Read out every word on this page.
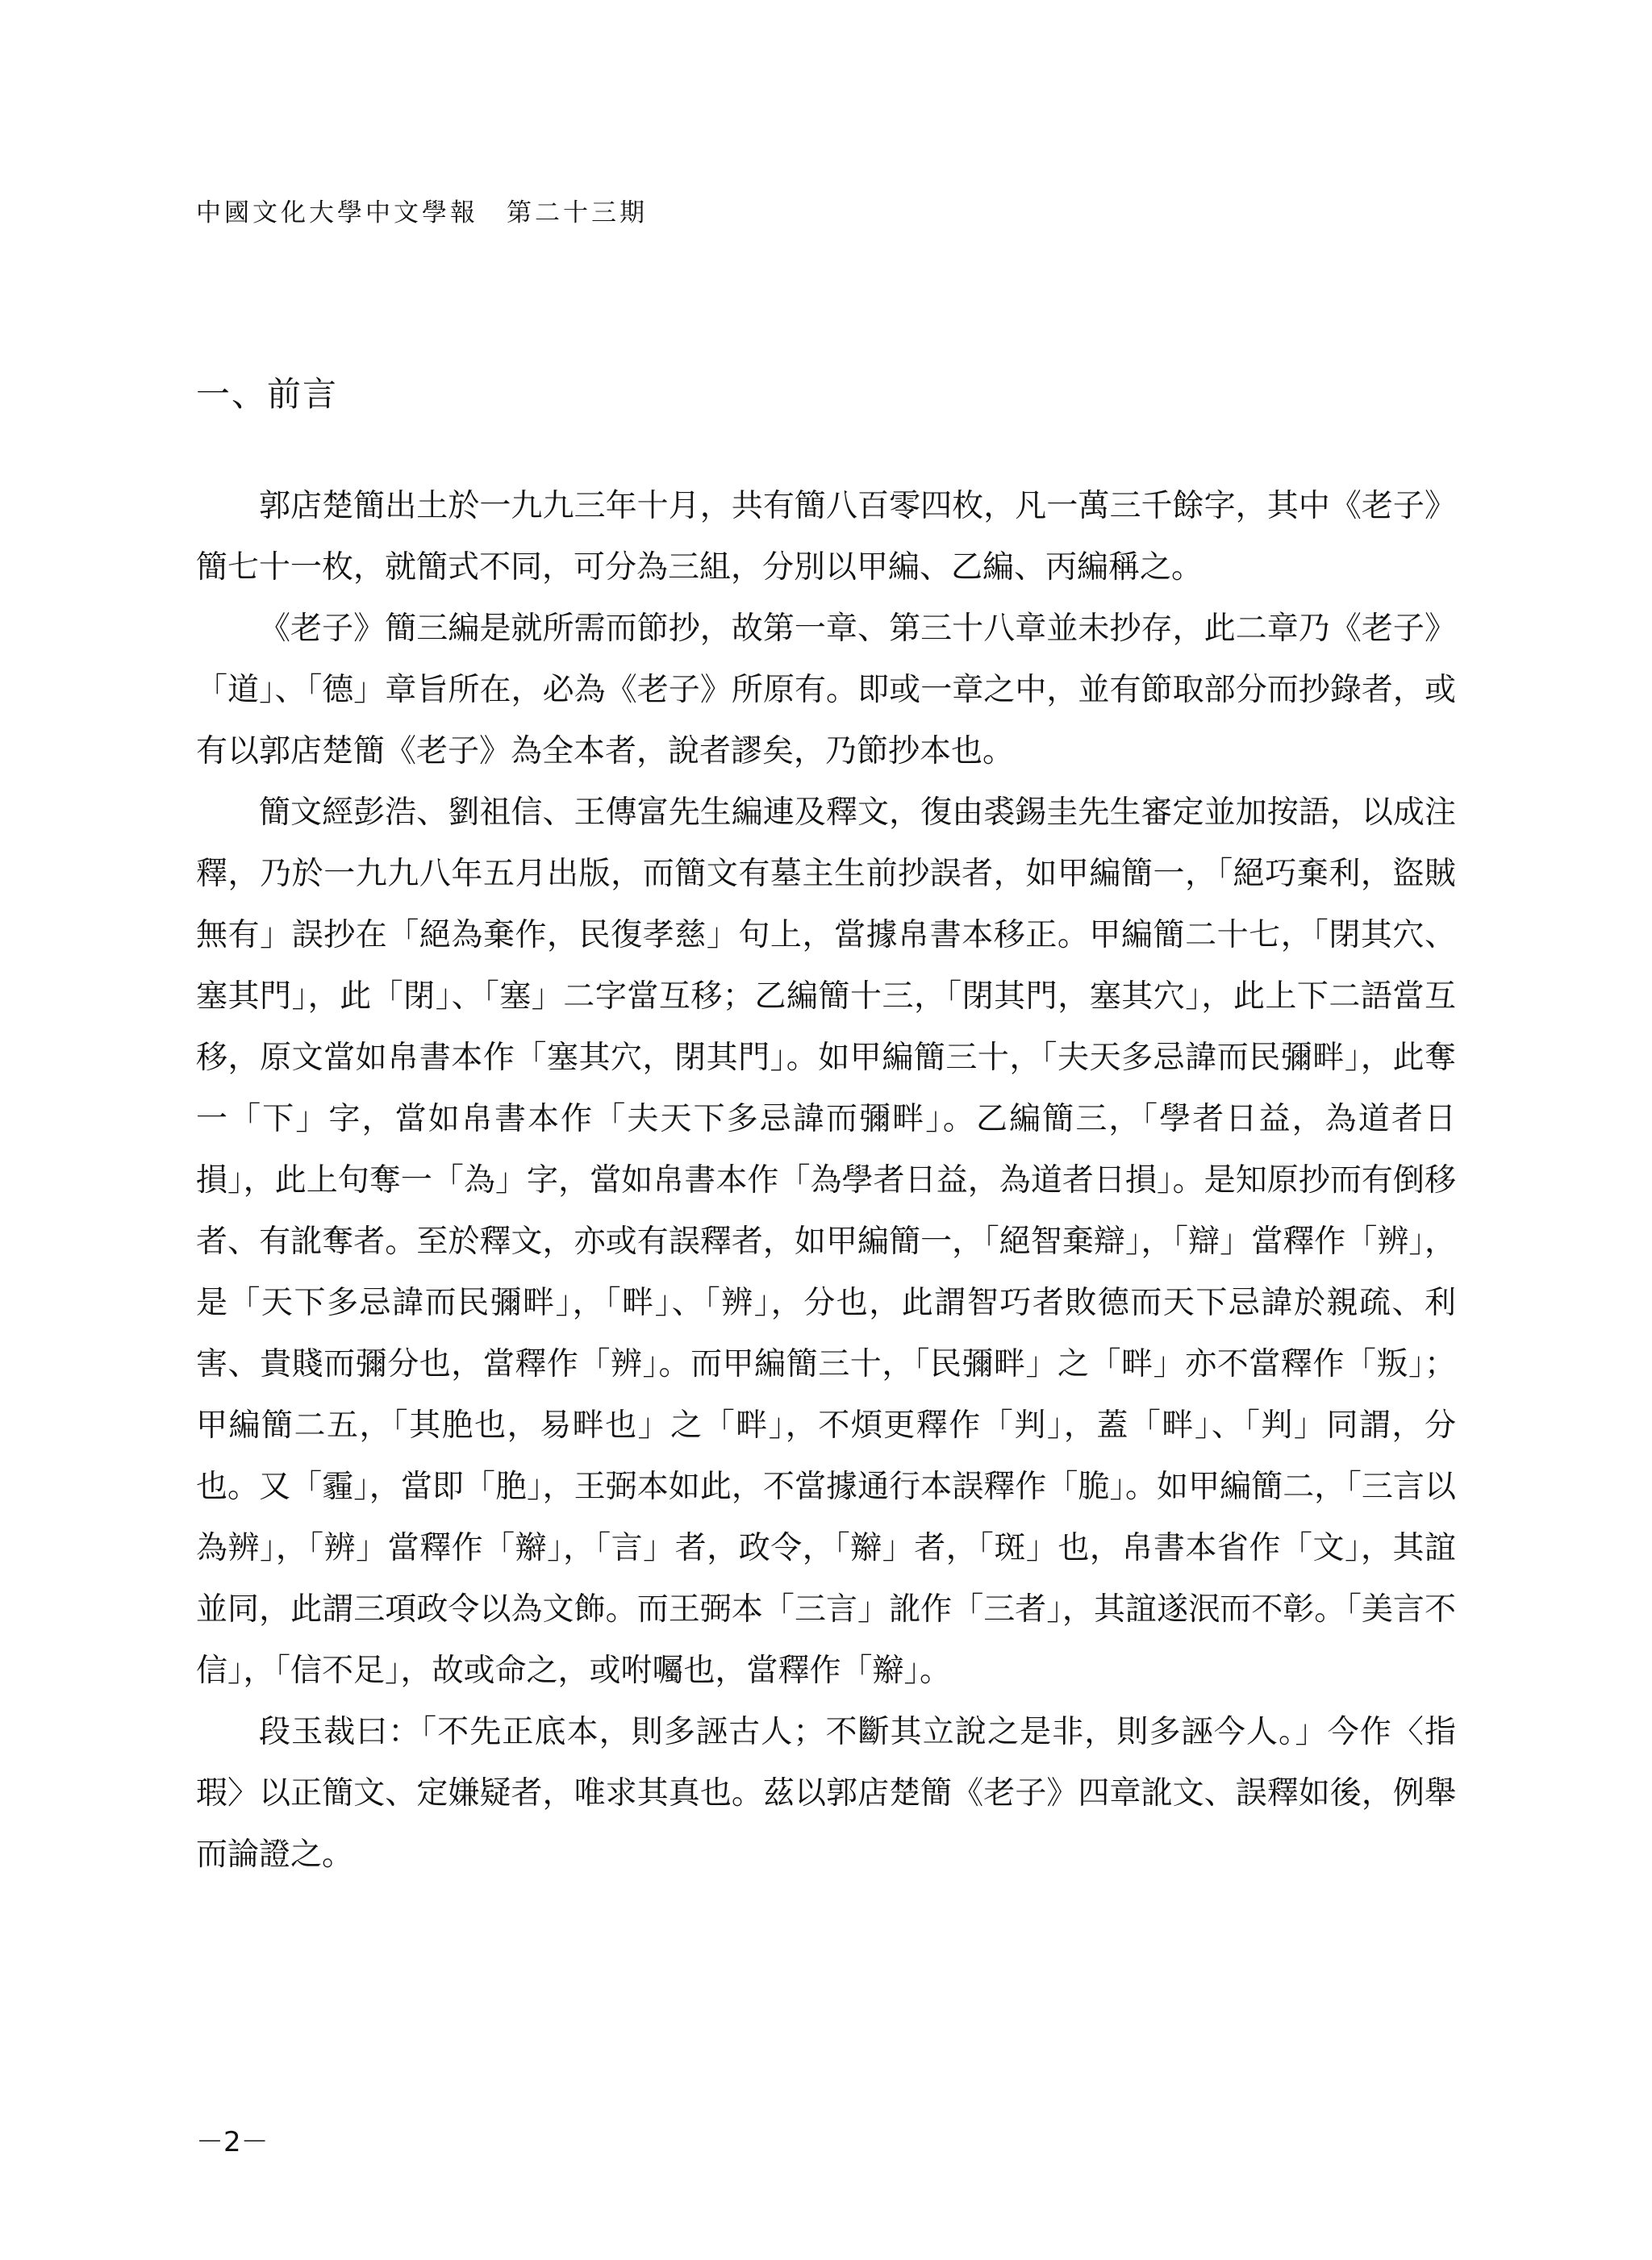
中國文化大學中文學報　第二十三期
一、前言

郭店楚簡出土於一九九三年十月，共有簡八百零四枚，凡一萬三千餘字，其中《老子》簡七十一枚，就簡式不同，可分為三組，分別以甲編、乙編、丙編稱之。

《老子》簡三編是就所需而節抄，故第一章、第三十八章並未抄存，此二章乃《老子》「道」、「德」章旨所在，必為《老子》所原有。即或一章之中，並有節取部分而抄錄者，或有以郭店楚簡《老子》為全本者，說者謬矣，乃節抄本也。

簡文經彭浩、劉祖信、王傳富先生編連及釋文，復由裘錫圭先生審定並加按語，以成注釋，乃於一九九八年五月出版，而簡文有墓主生前抄誤者，如甲編簡一，「絕巧棄利，盜賊無有」誤抄在「絕為棄作，民復孝慈」句上，當據帛書本移正。甲編簡二十七，「閉其穴、塞其門」，此「閉」、「塞」二字當互移；乙編簡十三，「閉其門，塞其穴」，此上下二語當互移，原文當如帛書本作「塞其穴，閉其門」。如甲編簡三十，「夫天多忌諱而民彌畔」，此奪一「下」字，當如帛書本作「夫天下多忌諱而彌畔」。乙編簡三，「學者日益，為道者日損」，此上句奪一「為」字，當如帛書本作「為學者日益，為道者日損」。是知原抄而有倒移者、有訛奪者。至於釋文，亦或有誤釋者，如甲編簡一，「絕智棄辯」，「辯」當釋作「辨」，是「天下多忌諱而民彌畔」，「畔」、「辨」，分也，此謂智巧者敗德而天下忌諱於親疏、利害、貴賤而彌分也，當釋作「辨」。而甲編簡三十，「民彌畔」之「畔」亦不當釋作「叛」；甲編簡二五，「其脃也，易畔也」之「畔」，不煩更釋作「判」，蓋「畔」、「判」同謂，分也。又「霾」，當即「脃」，王弼本如此，不當據通行本誤釋作「脆」。如甲編簡二，「三言以為辨」，「辨」當釋作「辮」，「言」者，政令，「辮」者，「斑」也，帛書本省作「文」，其誼並同，此謂三項政令以為文飾。而王弼本「三言」訛作「三者」，其誼遂泯而不彰。「美言不信」，「信不足」，故或命之，或咐囑也，當釋作「辮」。

段玉裁曰：「不先正底本，則多誣古人；不斷其立說之是非，則多誣今人。」今作〈指瑕〉以正簡文、定嫌疑者，唯求其真也。茲以郭店楚簡《老子》四章訛文、誤釋如後，例舉而論證之。

－2－
